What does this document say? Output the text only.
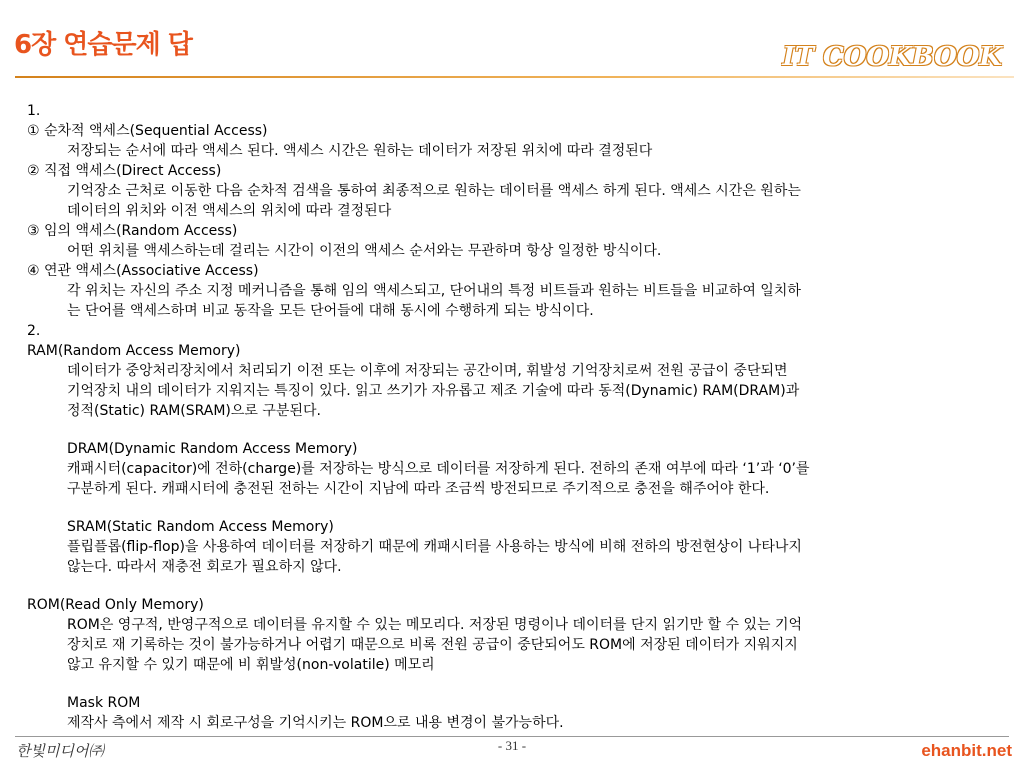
6장 연습문제 답	IT COOKBOOK
1.
① 순차적 액세스(Sequential Access)
저장되는 순서에 따라 액세스 된다. 액세스 시간은 원하는 데이터가 저장된 위치에 따라 결정된다
② 직접 액세스(Direct Access)
기억장소 근처로 이동한 다음 순차적 검색을 통하여 최종적으로 원하는 데이터를 액세스 하게 된다. 액세스 시간은 원하는
데이터의 위치와 이전 액세스의 위치에 따라 결정된다
③ 임의 액세스(Random Access)
어떤 위치를 액세스하는데 걸리는 시간이 이전의 액세스 순서와는 무관하며 항상 일정한 방식이다.
④ 연관 액세스(Associative Access)
각 위치는 자신의 주소 지정 메커니즘을 통해 임의 액세스되고, 단어내의 특정 비트들과 원하는 비트들을 비교하여 일치하
는 단어를 액세스하며 비교 동작을 모든 단어들에 대해 동시에 수행하게 되는 방식이다.
2.
RAM(Random Access Memory)
데이터가 중앙처리장치에서 처리되기 이전 또는 이후에 저장되는 공간이며, 휘발성 기억장치로써 전원 공급이 중단되면
기억장치 내의 데이터가 지워지는 특징이 있다. 읽고 쓰기가 자유롭고 제조 기술에 따라 동적(Dynamic) RAM(DRAM)과
정적(Static) RAM(SRAM)으로 구분된다.
DRAM(Dynamic Random Access Memory)
캐패시터(capacitor)에 전하(charge)를 저장하는 방식으로 데이터를 저장하게 된다. 전하의 존재 여부에 따라 ‘1’과 ‘0’를
구분하게 된다. 캐패시터에 충전된 전하는 시간이 지남에 따라 조금씩 방전되므로 주기적으로 충전을 해주어야 한다.
SRAM(Static Random Access Memory)
플립플롭(flip-flop)을 사용하여 데이터를 저장하기 때문에 캐패시터를 사용하는 방식에 비해 전하의 방전현상이 나타나지
않는다. 따라서 재충전 회로가 필요하지 않다.
ROM(Read Only Memory)
ROM은 영구적, 반영구적으로 데이터를 유지할 수 있는 메모리다. 저장된 명령이나 데이터를 단지 읽기만 할 수 있는 기억
장치로 재 기록하는 것이 불가능하거나 어렵기 때문으로 비록 전원 공급이 중단되어도 ROM에 저장된 데이터가 지워지지
않고 유지할 수 있기 때문에 비 휘발성(non-volatile) 메모리
Mask ROM
제작사 측에서 제작 시 회로구성을 기억시키는 ROM으로 내용 변경이 불가능하다.
한빛미디어㈜	- 31 -	ehanbit.net
